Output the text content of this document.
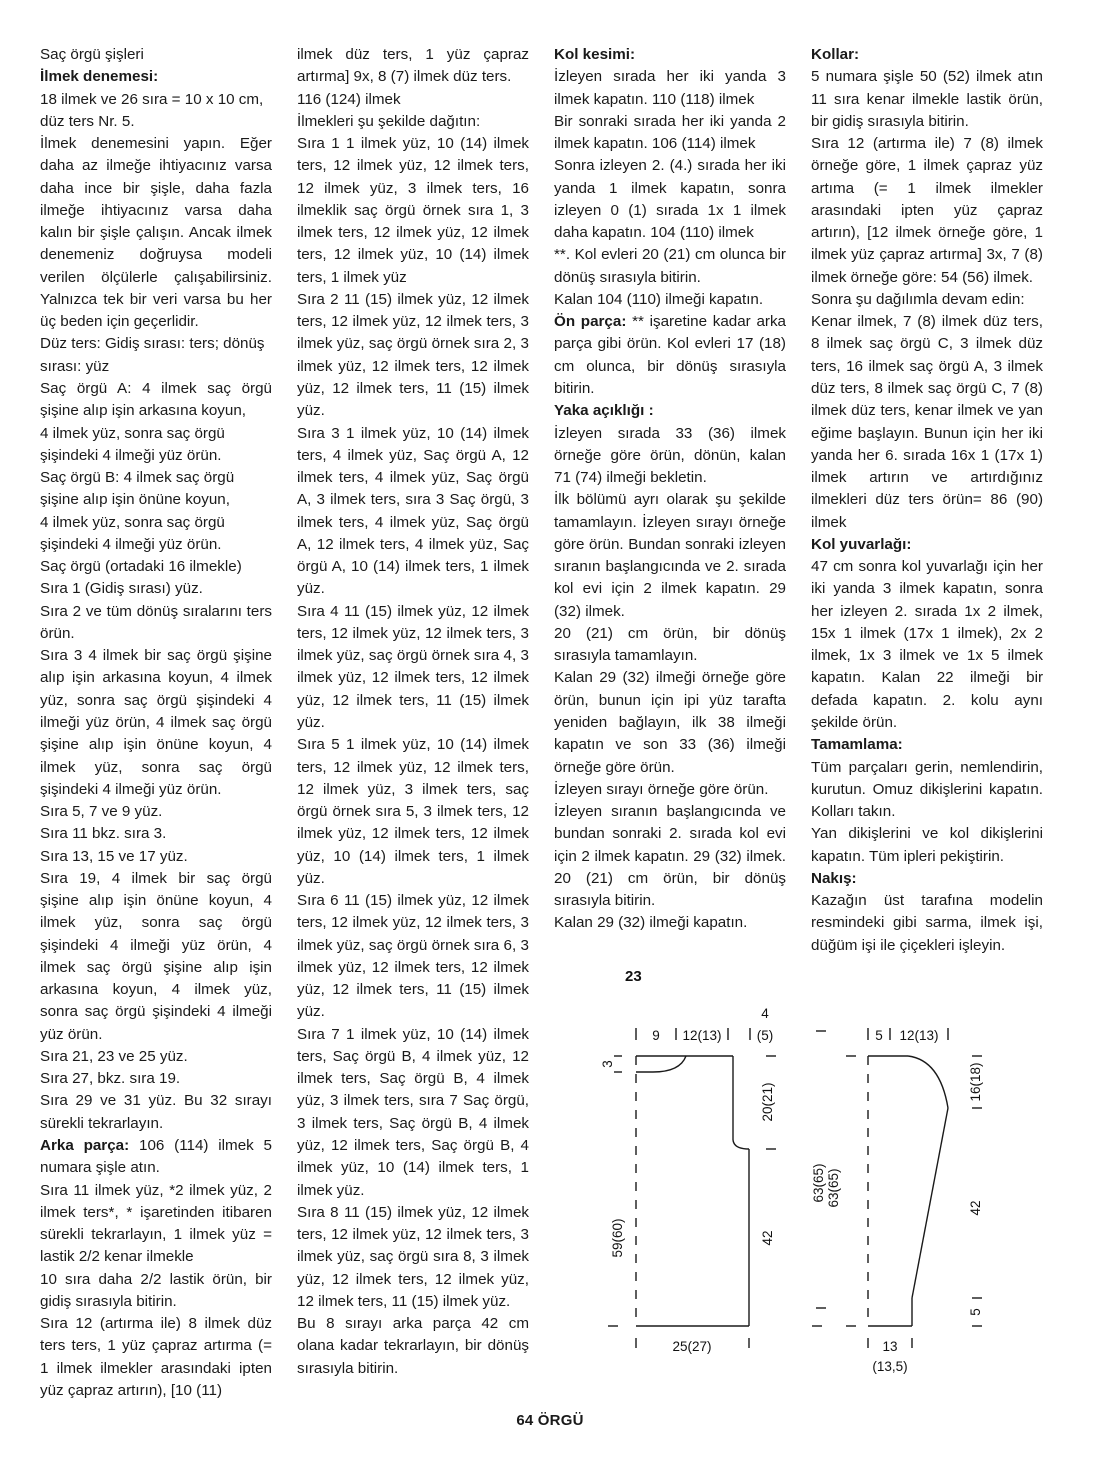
Saç örgü şişleri

İlmek denemesi:

18 ilmek ve 26 sıra = 10 x 10 cm, düz ters Nr. 5.

İlmek denemesini yapın. Eğer daha az ilmeğe ihtiyacınız varsa daha ince bir şişle, daha fazla ilmeğe ihtiyacınız varsa daha kalın bir şişle çalışın. Ancak ilmek denemeniz doğruysa modeli verilen ölçülerle çalışabilirsiniz. Yalnızca tek bir veri varsa bu her üç beden için geçerlidir.

Düz ters: Gidiş sırası: ters; dönüş sırası: yüz

Saç örgü A: 4 ilmek saç örgü şişine alıp işin arkasına koyun,

4 ilmek yüz, sonra saç örgü şişindeki 4 ilmeği yüz örün.

Saç örgü B: 4 ilmek saç örgü şişine alıp işin önüne koyun,

4 ilmek yüz, sonra saç örgü şişindeki 4 ilmeği yüz örün.

Saç örgü (ortadaki 16 ilmekle)

Sıra 1 (Gidiş sırası) yüz.

Sıra 2 ve tüm dönüş sıralarını ters örün.

Sıra 3 4 ilmek bir saç örgü şişine alıp işin arkasına koyun, 4 ilmek yüz, sonra saç örgü şişindeki 4 ilmeği yüz örün, 4 ilmek saç örgü şişine alıp işin önüne koyun, 4 ilmek yüz, sonra saç örgü şişindeki 4 ilmeği yüz örün.

Sıra 5, 7 ve 9 yüz.

Sıra 11 bkz. sıra 3.

Sıra 13, 15 ve 17 yüz.

Sıra 19, 4 ilmek bir saç örgü şişine alıp işin önüne koyun, 4 ilmek yüz, sonra saç örgü şişindeki 4 ilmeği yüz örün, 4 ilmek saç örgü şişine alıp işin arkasına koyun, 4 ilmek yüz, sonra saç örgü şişindeki 4 ilmeği yüz örün.

Sıra 21, 23 ve 25 yüz.

Sıra 27, bkz. sıra 19.

Sıra 29 ve 31 yüz. Bu 32 sırayı sürekli tekrarlayın.

Arka parça: 106 (114) ilmek 5 numara şişle atın.

Sıra 11 ilmek yüz, *2 ilmek yüz, 2 ilmek ters*, * işaretinden itibaren sürekli tekrarlayın, 1 ilmek yüz = lastik 2/2 kenar ilmekle

10 sıra daha 2/2 lastik örün, bir gidiş sırasıyla bitirin.

Sıra 12 (artırma ile) 8 ilmek düz ters ters, 1 yüz çapraz artırma (= 1 ilmek ilmekler arasındaki ipten yüz çapraz artırın), [10 (11)

ilmek düz ters, 1 yüz çapraz artırma] 9x, 8 (7) ilmek düz ters.

116 (124) ilmek

İlmekleri şu şekilde dağıtın:

Sıra 1 1 ilmek yüz, 10 (14) ilmek ters, 12 ilmek yüz, 12 ilmek ters, 12 ilmek yüz, 3 ilmek ters, 16 ilmeklik saç örgü örnek sıra 1, 3 ilmek ters, 12 ilmek yüz, 12 ilmek ters, 12 ilmek yüz, 10 (14) ilmek ters, 1 ilmek yüz

Sıra 2 11 (15) ilmek yüz, 12 ilmek ters, 12 ilmek yüz, 12 ilmek ters, 3 ilmek yüz, saç örgü örnek sıra 2, 3 ilmek yüz, 12 ilmek ters, 12 ilmek yüz, 12 ilmek ters, 11 (15) ilmek yüz.

Sıra 3 1 ilmek yüz, 10 (14) ilmek ters, 4 ilmek yüz, Saç örgü A, 12 ilmek ters, 4 ilmek yüz, Saç örgü A, 3 ilmek ters, sıra 3 Saç örgü, 3 ilmek ters, 4 ilmek yüz, Saç örgü A, 12 ilmek ters, 4 ilmek yüz, Saç örgü A, 10 (14) ilmek ters, 1 ilmek yüz.

Sıra 4 11 (15) ilmek yüz, 12 ilmek ters, 12 ilmek yüz, 12 ilmek ters, 3 ilmek yüz, saç örgü örnek sıra 4, 3 ilmek yüz, 12 ilmek ters, 12 ilmek yüz, 12 ilmek ters, 11 (15) ilmek yüz.

Sıra 5 1 ilmek yüz, 10 (14) ilmek ters, 12 ilmek yüz, 12 ilmek ters, 12 ilmek yüz, 3 ilmek ters, saç örgü örnek sıra 5, 3 ilmek ters, 12 ilmek yüz, 12 ilmek ters, 12 ilmek yüz, 10 (14) ilmek ters, 1 ilmek yüz.

Sıra 6 11 (15) ilmek yüz, 12 ilmek ters, 12 ilmek yüz, 12 ilmek ters, 3 ilmek yüz, saç örgü örnek sıra 6, 3 ilmek yüz, 12 ilmek ters, 12 ilmek yüz, 12 ilmek ters, 11 (15) ilmek yüz.

Sıra 7 1 ilmek yüz, 10 (14) ilmek ters, Saç örgü B, 4 ilmek yüz, 12 ilmek ters, Saç örgü B, 4 ilmek yüz, 3 ilmek ters, sıra 7 Saç örgü, 3 ilmek ters, Saç örgü B, 4 ilmek yüz, 12 ilmek ters, Saç örgü B, 4 ilmek yüz, 10 (14) ilmek ters, 1 ilmek yüz.

Sıra 8 11 (15) ilmek yüz, 12 ilmek ters, 12 ilmek yüz, 12 ilmek ters, 3 ilmek yüz, saç örgü sıra 8, 3 ilmek yüz, 12 ilmek ters, 12 ilmek yüz, 12 ilmek ters, 11 (15) ilmek yüz.

Bu 8 sırayı arka parça 42 cm olana kadar tekrarlayın, bir dönüş sırasıyla bitirin.

Kol kesimi:

İzleyen sırada her iki yanda 3 ilmek kapatın. 110 (118) ilmek

Bir sonraki sırada her iki yanda 2 ilmek kapatın. 106 (114) ilmek

Sonra izleyen 2. (4.) sırada her iki yanda 1 ilmek kapatın, sonra izleyen 0 (1) sırada 1x 1 ilmek daha kapatın. 104 (110) ilmek

**. Kol evleri 20 (21) cm olunca bir dönüş sırasıyla bitirin.

Kalan 104 (110) ilmeği kapatın.

Ön parça: ** işaretine kadar arka parça gibi örün. Kol evleri 17 (18) cm olunca, bir dönüş sırasıyla bitirin.

Yaka açıklığı :

İzleyen sırada 33 (36) ilmek örneğe göre örün, dönün, kalan 71 (74) ilmeği bekletin.

İlk bölümü ayrı olarak şu şekilde tamamlayın. İzleyen sırayı örneğe göre örün. Bundan sonraki izleyen sıranın başlangıcında ve 2. sırada kol evi için 2 ilmek kapatın. 29 (32) ilmek.

20 (21) cm örün, bir dönüş sırasıyla tamamlayın.

Kalan 29 (32) ilmeği örneğe göre örün, bunun için ipi yüz tarafta yeniden bağlayın, ilk 38 ilmeği kapatın ve son 33 (36) ilmeği örneğe göre örün.

İzleyen sırayı örneğe göre örün.

İzleyen sıranın başlangıcında ve bundan sonraki 2. sırada kol evi için 2 ilmek kapatın. 29 (32) ilmek. 20 (21) cm örün, bir dönüş sırasıyla bitirin.

Kalan 29 (32) ilmeği kapatın.

Kollar:

5 numara şişle 50 (52) ilmek atın 11 sıra kenar ilmekle lastik örün, bir gidiş sırasıyla bitirin.

Sıra 12 (artırma ile) 7 (8) ilmek örneğe göre, 1 ilmek çapraz yüz artıma (= 1 ilmek ilmekler arasındaki ipten yüz çapraz artırın), [12 ilmek örneğe göre, 1 ilmek yüz çapraz artırma] 3x, 7 (8) ilmek örneğe göre: 54 (56) ilmek.

Sonra şu dağılımla devam edin:

Kenar ilmek, 7 (8) ilmek düz ters, 8 ilmek saç örgü C, 3 ilmek düz ters, 16 ilmek saç örgü A, 3 ilmek düz ters, 8 ilmek saç örgü C, 7 (8) ilmek düz ters, kenar ilmek ve yan eğime başlayın. Bunun için her iki yanda her 6. sırada 16x 1 (17x 1) ilmek artırın ve artırdığınız ilmekleri düz ters örün= 86 (90) ilmek

Kol yuvarlağı:

47 cm sonra kol yuvarlağı için her iki yanda 3 ilmek kapatın, sonra her izleyen 2. sırada 1x 2 ilmek, 15x 1 ilmek (17x 1 ilmek), 2x 2 ilmek, 1x 3 ilmek ve 1x 5 ilmek kapatın. Kalan 22 ilmeği bir defada kapatın. 2. kolu aynı şekilde örün.

Tamamlama:

Tüm parçaları gerin, nemlendirin, kurutun. Omuz dikişlerini kapatın. Kolları takın.

Yan dikişlerini ve kol dikişlerini kapatın. Tüm ipleri pekiştirin.

Nakış:

Kazağın üst tarafına modelin resmindeki gibi sarma, ilmek işi, düğüm işi ile çiçekleri işleyin.

23
9 12(13)	(5)
4
3
59(60)
20(21)
42
25(27)
63(65)
5 12(13)
16(18)
42
5
13
(13,5)
63(65)
64 ÖRGÜ
